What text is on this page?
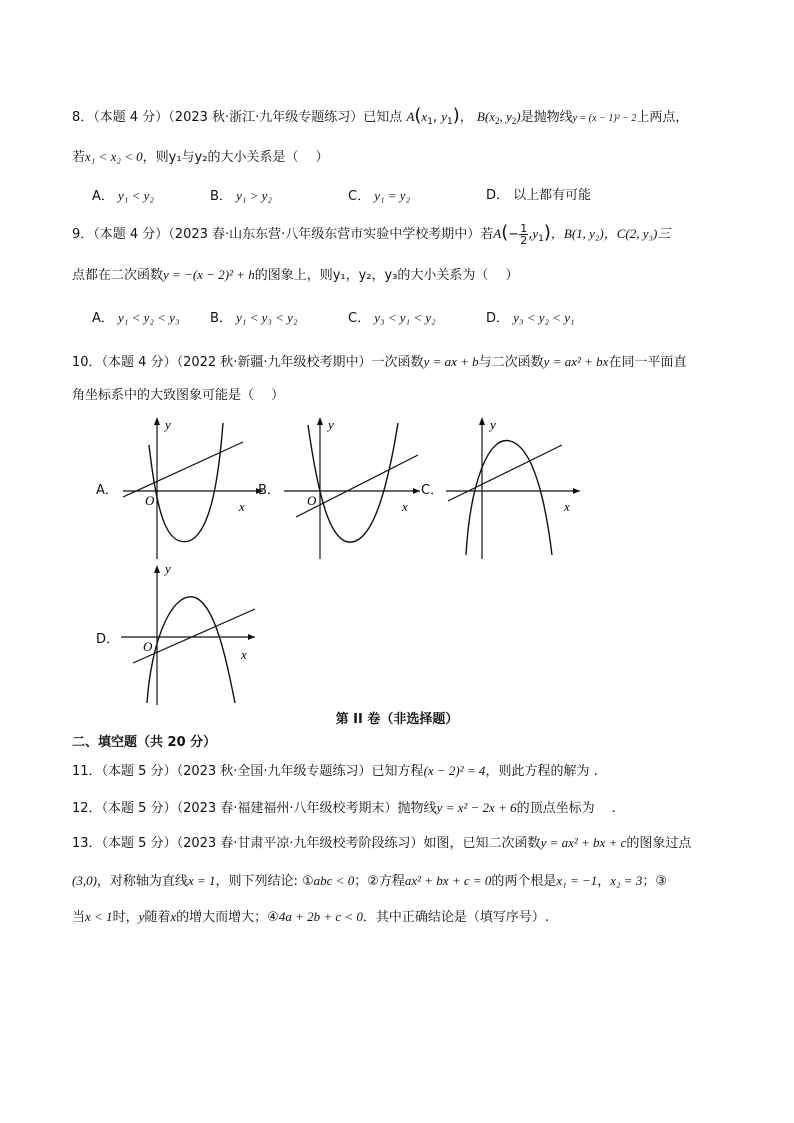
8．（本题 4 分）（2023 秋·浙江·九年级专题练习）已知点 $A(x_1$, $y_1$)， $B(x_2$, $y_2$)是抛物线y = (x − 1)² − 2上两点，
若x₁ < x₂ < 0，则y₁与y₂的大小关系是（　 ）
A． y₁ < y₂	B． y₁ > y₂	C． y₁ = y₂	D． 以上都有可能
9．（本题 4 分）（2023 春·山东东营·八年级东营市实验中学校考期中）若$A(- \frac{1}{2} ,y_1)$，B(1, y₂)，C(2, y₃)三
点都在二次函数y = −(x − 2)² + h的图象上，则y₁，y₂，y₃的大小关系为（　 ）
A． y₁ < y₂ < y₃ B． y₁ < y₃ < y₂	C． y₃ < y₁ < y₂	D． y₃ < y₂ < y₁
10．（本题 4 分）（2022 秋·新疆·九年级校考期中）一次函数y = ax + b与二次函数y = ax² + bx在同一平面直
角坐标系中的大致图象可能是（　 ）
A．
y
O	x
B．
y
O	x
C．
y
x
D．
y
O
x
第 II 卷（非选择题）
二、填空题（共 20 分）
11．（本题 5 分）（2023 秋·全国·九年级专题练习）已知方程(x − 2)² = 4，则此方程的解为 .
12．（本题 5 分）（2023 春·福建福州·八年级校考期末）抛物线y = x² − 2x + 6的顶点坐标为 　.
13．（本题 5 分）（2023 春·甘肃平凉·九年级校考阶段练习）如图，已知二次函数y = ax² + bx + c的图象过点
(3,0)，对称轴为直线x = 1，则下列结论: ①abc < 0；②方程ax² + bx + c = 0的两个根是x₁ = −1，x₂ = 3；③
当x < 1时，y随着x的增大而增大；④4a + 2b + c < 0．其中正确结论是（填写序号）.
